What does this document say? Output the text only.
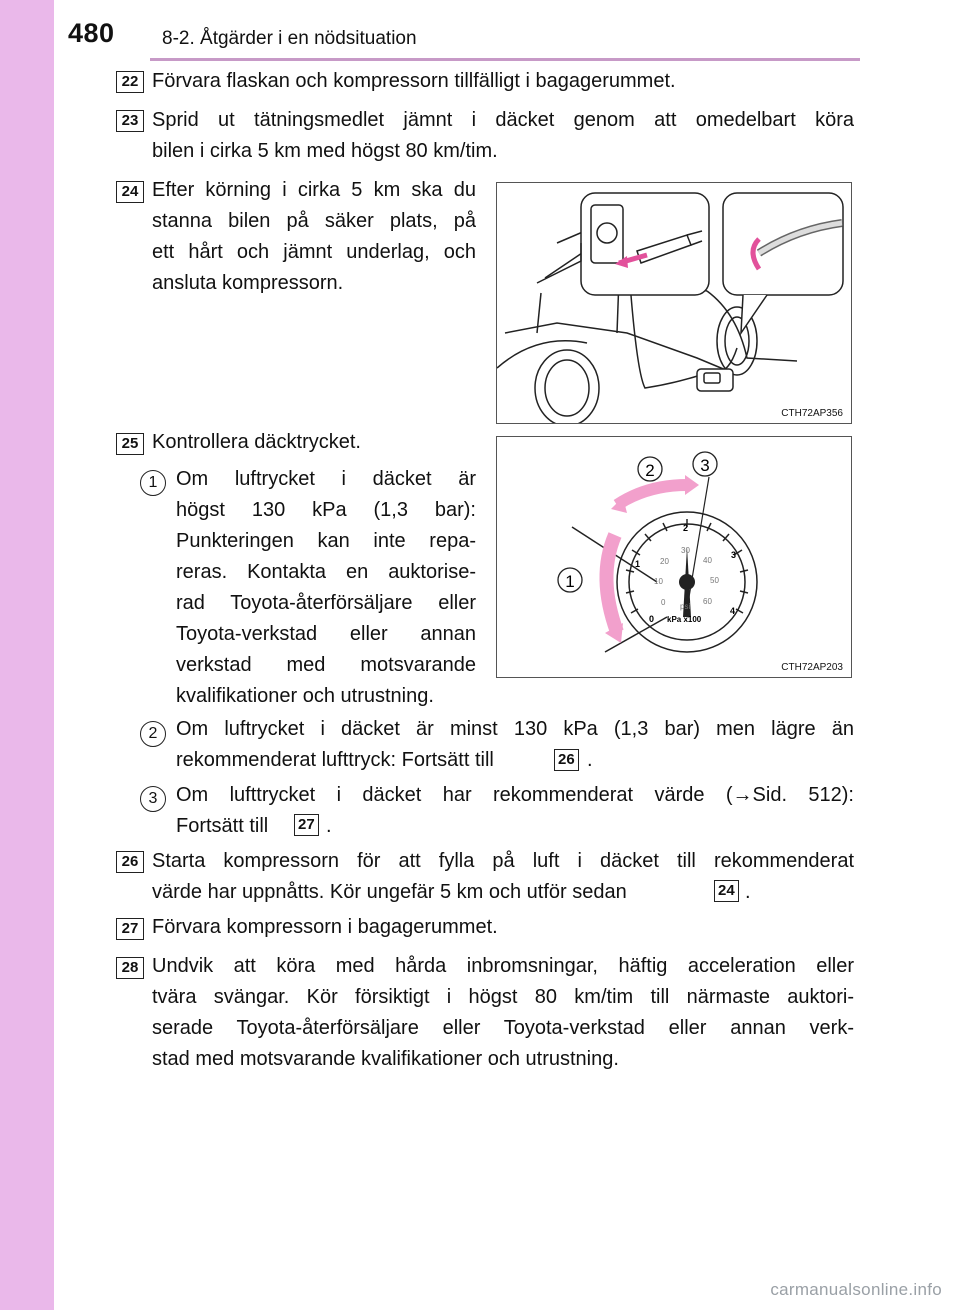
480 8-2. Åtgärder i en nödsituation
22 Förvara flaskan och kompressorn tillfälligt i bagagerummet.
23 Sprid ut tätningsmedlet jämnt i däcket genom att omedelbart köra
bilen i cirka 5 km med högst 80 km/tim.
24 Efter körning i cirka 5 km ska du
stanna bilen på säker plats, på
ett hårt och jämnt underlag, och
ansluta kompressorn.
CTH72AP356
25 Kontrollera däcktrycket.
1 Om luftrycket i däcket är
högst 130 kPa (1,3 bar):
Punkteringen kan inte repa-
reras. Kontakta en auktorise-
rad Toyota-återförsäljare eller
Toyota-verkstad eller annan
verkstad med motsvarande
kvalifikationer och utrustning.
0
1
2
3
4
0
10
20
30
40
50
60
psi
kPa x100
1
2	3
CTH72AP203
2 Om luftrycket i däcket är minst 130 kPa (1,3 bar) men lägre än
rekommenderat lufttryck: Fortsätt till	26 .
3 Om lufttrycket i däcket har rekommenderat värde (→Sid. 512):
Fortsätt till	27 .
26 Starta kompressorn för att fylla på luft i däcket till rekommenderat
värde har uppnåtts. Kör ungefär 5 km och utför sedan	24 .
27 Förvara kompressorn i bagagerummet.
28 Undvik att köra med hårda inbromsningar, häftig acceleration eller
tvära svängar. Kör försiktigt i högst 80 km/tim till närmaste auktori-
serade Toyota-återförsäljare eller Toyota-verkstad eller annan verk-
stad med motsvarande kvalifikationer och utrustning.
carmanualsonline.info
